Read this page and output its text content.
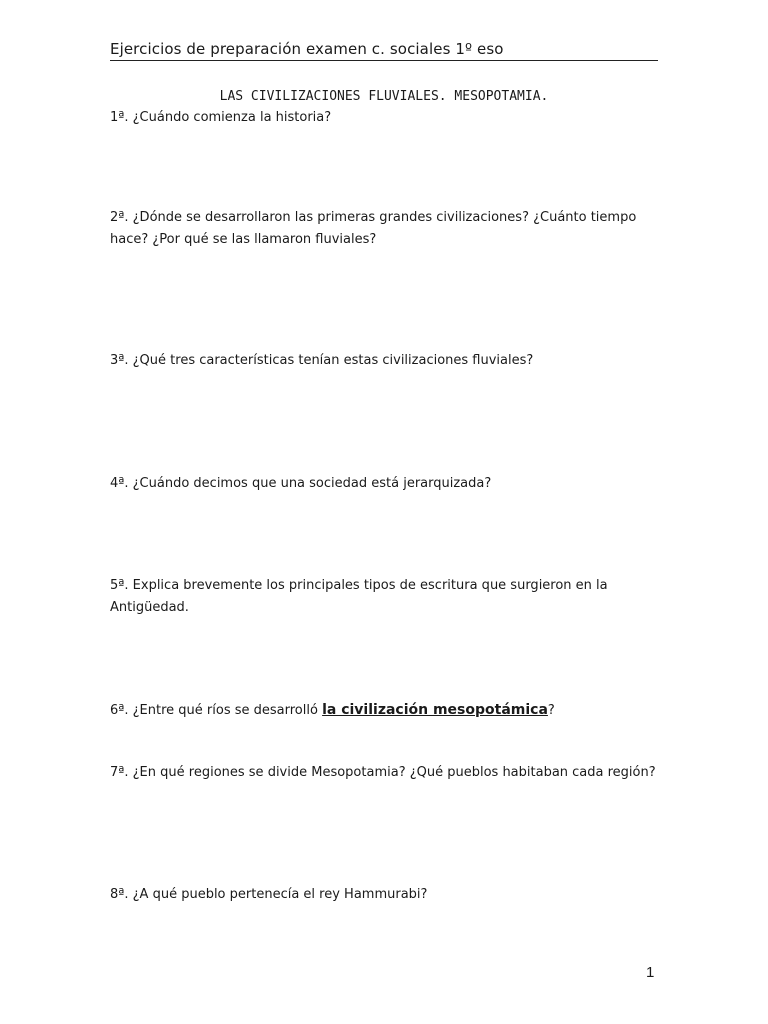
Ejercicios de preparación examen c. sociales 1º eso
LAS CIVILIZACIONES FLUVIALES. MESOPOTAMIA.
1ª. ¿Cuándo comienza la historia?
2ª. ¿Dónde se desarrollaron las primeras grandes civilizaciones? ¿Cuánto tiempo hace? ¿Por qué se las llamaron fluviales?
3ª. ¿Qué tres características tenían estas civilizaciones fluviales?
4ª. ¿Cuándo decimos que una sociedad está jerarquizada?
5ª. Explica brevemente los principales tipos de escritura que surgieron en la Antigüedad.
6ª. ¿Entre qué ríos se desarrolló la civilización mesopotámica?
7ª. ¿En qué regiones se divide Mesopotamia? ¿Qué pueblos habitaban cada región?
8ª. ¿A qué pueblo pertenecía el rey Hammurabi?
1
